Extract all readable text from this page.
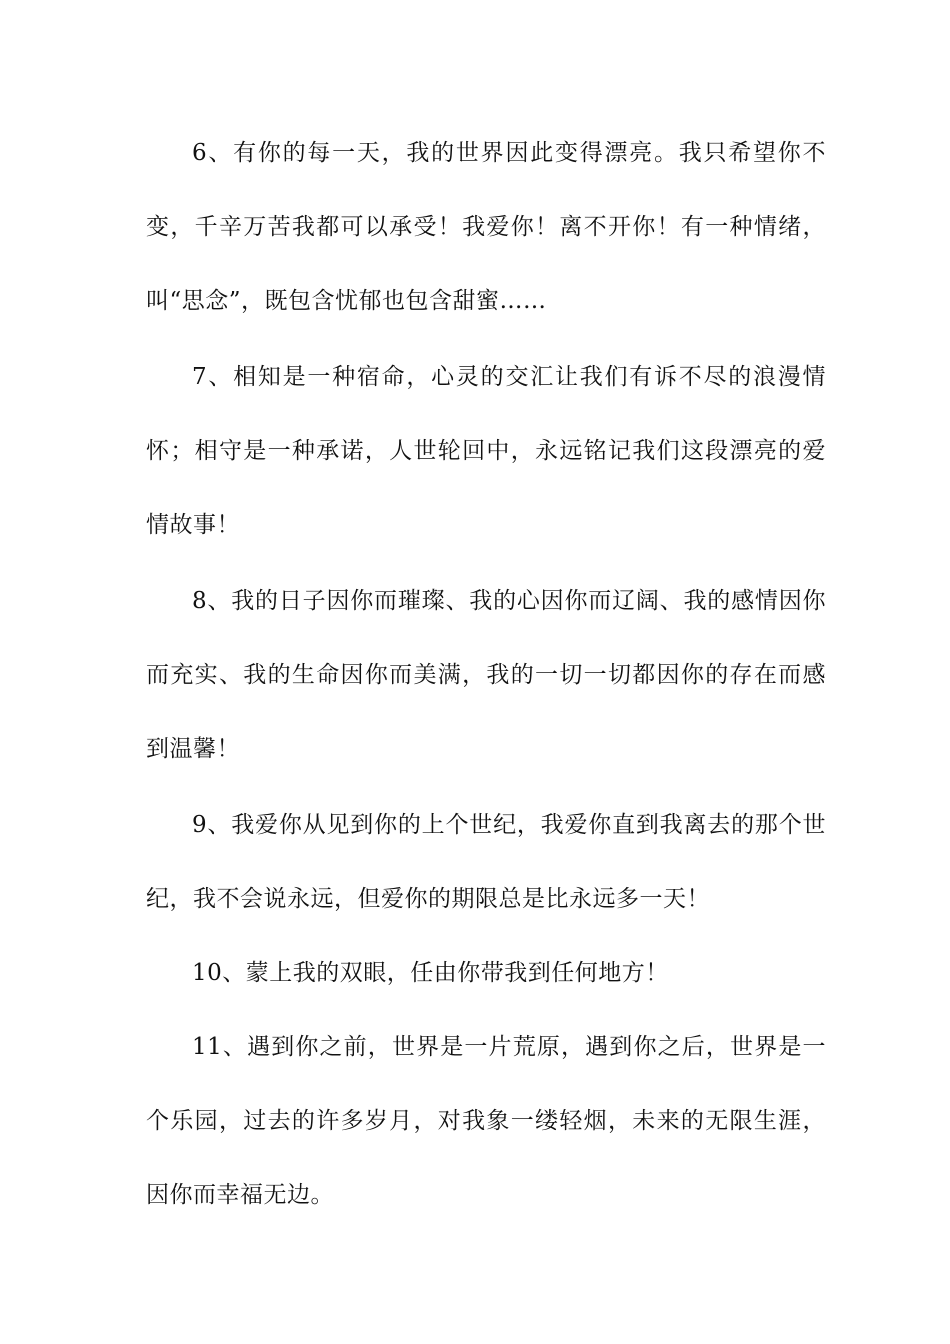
6、有你的每一天，我的世界因此变得漂亮。我只希望你不变，千辛万苦我都可以承受！我爱你！离不开你！有一种情绪，叫“思念”，既包含忧郁也包含甜蜜……

7、相知是一种宿命，心灵的交汇让我们有诉不尽的浪漫情怀；相守是一种承诺，人世轮回中，永远铭记我们这段漂亮的爱情故事！

8、我的日子因你而璀璨、我的心因你而辽阔、我的感情因你而充实、我的生命因你而美满，我的一切一切都因你的存在而感到温馨！

9、我爱你从见到你的上个世纪，我爱你直到我离去的那个世纪，我不会说永远，但爱你的期限总是比永远多一天！

10、蒙上我的双眼，任由你带我到任何地方！

11、遇到你之前，世界是一片荒原，遇到你之后，世界是一个乐园，过去的许多岁月，对我象一缕轻烟，未来的无限生涯，因你而幸福无边。
